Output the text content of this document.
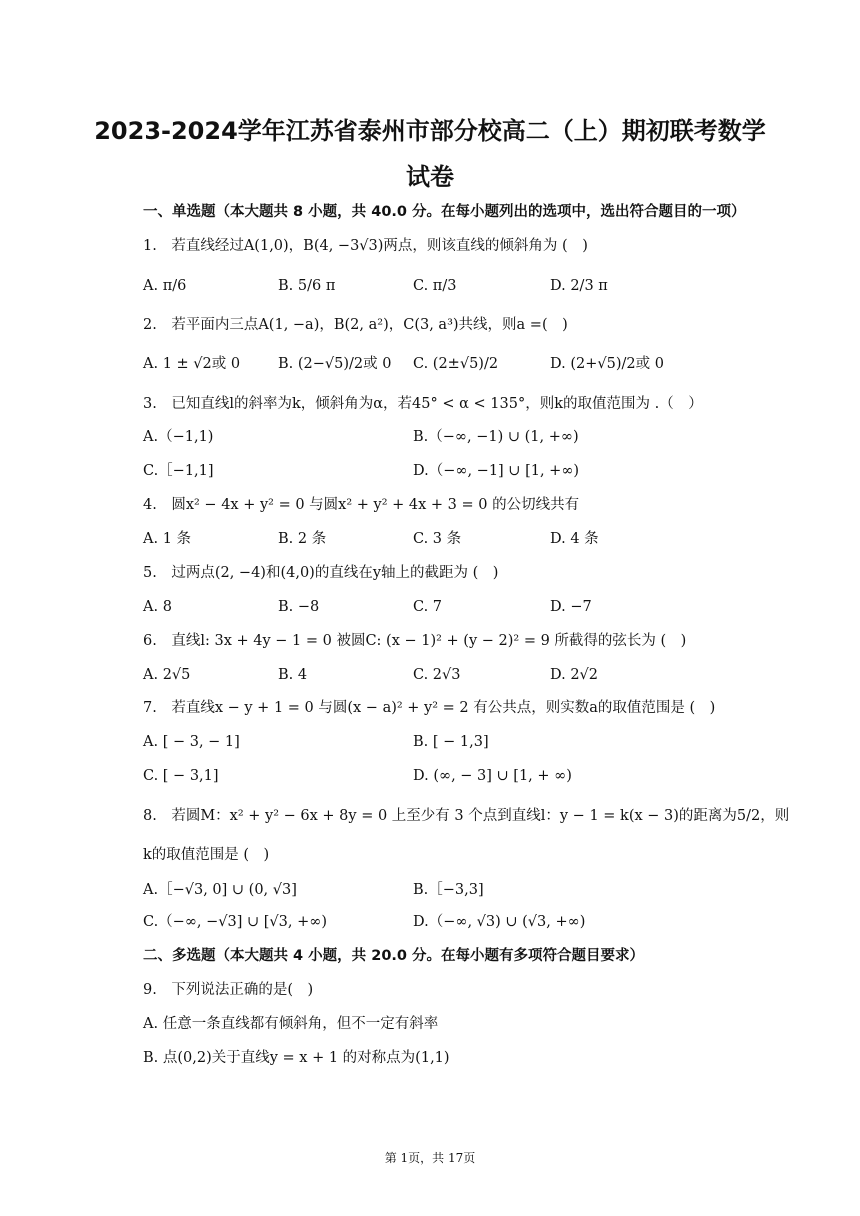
2023-2024学年江苏省泰州市部分校高二（上）期初联考数学试卷
一、单选题（本大题共 8 小题，共 40.0 分。在每小题列出的选项中，选出符合题目的一项）
1.　若直线经过A(1,0)，B(4, −3√3)两点，则该直线的倾斜角为 (　)
A. π/6	B. 5/6 π	C. π/3	D. 2/3 π
2.　若平面内三点A(1, −a)，B(2, a²)，C(3, a³)共线，则a =(　)
A. 1 ± √2或 0	B. (2−√5)/2或 0 C. (2±√5)/2	D. (2+√5)/2或 0
3.　已知直线l的斜率为k，倾斜角为α，若45° < α < 135°，则k的取值范围为 .（　）
A.（−1,1)	B.（−∞, −1) ∪ (1, +∞)
C.［−1,1]	D.（−∞, −1] ∪ [1, +∞)
4.　圆x² − 4x + y² = 0 与圆x² + y² + 4x + 3 = 0 的公切线共有
A. 1 条	B. 2 条	C. 3 条	D. 4 条
5.　过两点(2, −4)和(4,0)的直线在y轴上的截距为 (　)
A. 8	B. −8	C. 7	D. −7
6.　直线l: 3x + 4y − 1 = 0 被圆C: (x − 1)² + (y − 2)² = 9 所截得的弦长为 (　)
A. 2√5	B. 4	C. 2√3	D. 2√2
7.　若直线x − y + 1 = 0 与圆(x − a)² + y² = 2 有公共点，则实数a的取值范围是 (　)
A. [ − 3, − 1]	B. [ − 1,3]
C. [ − 3,1]	D. (∞, − 3] ∪ [1, + ∞)
8.　若圆M：x² + y² − 6x + 8y = 0 上至少有 3 个点到直线l：y − 1 = k(x − 3)的距离为5/2，则
k的取值范围是 (　)
A.［−√3, 0] ∪ (0, √3]	B.［−3,3]
C.（−∞, −√3] ∪ [√3, +∞)	D.（−∞, √3) ∪ (√3, +∞)
二、多选题（本大题共 4 小题，共 20.0 分。在每小题有多项符合题目要求）
9.　下列说法正确的是(　)
A. 任意一条直线都有倾斜角，但不一定有斜率
B. 点(0,2)关于直线y = x + 1 的对称点为(1,1)
第 1页，共 17页
